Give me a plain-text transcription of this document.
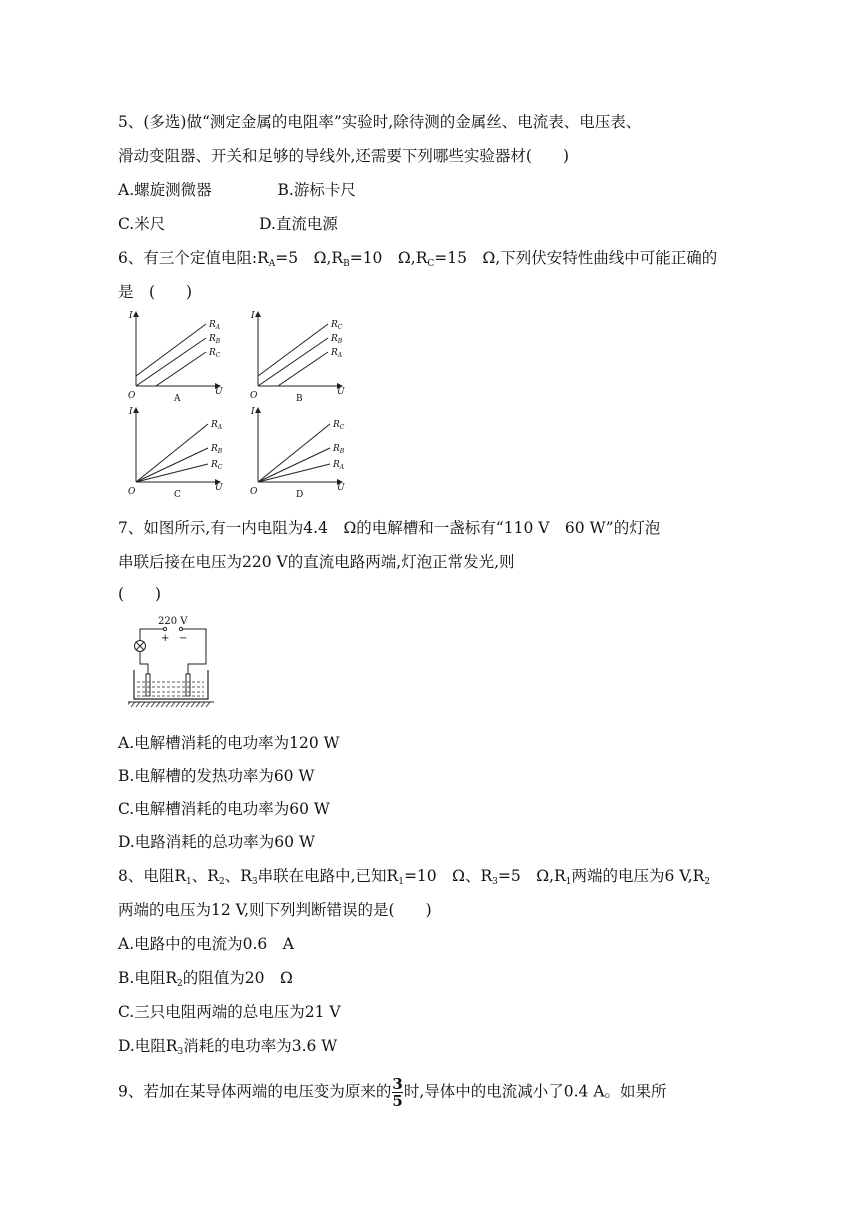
5、(多选)做“测定金属的电阻率”实验时,除待测的金属丝、电流表、电压表、
滑动变阻器、开关和足够的导线外,还需要下列哪些实验器材(　　)
A.螺旋测微器	B.游标卡尺
C.米尺	D.直流电源
6、有三个定值电阻$:R_A=5$　$\Omega,R_B=10$　$\Omega,R_C=15$　Ω,下列伏安特性曲线中可能正确的
是　(　　)
I
U
O	A
$R_A$
$R_B$
$R_C$
I
U
O	B
$R_C$
$R_B$
$R_A$
I
U
O	C
$R_A$
$R_B$
$R_C$
I
U
O	D
$R_C$
$R_B$
$R_A$
7、如图所示,有一内电阻为4.4　Ω的电解槽和一盏标有“110 V　60 W”的灯泡
串联后接在电压为220 V的直流电路两端,灯泡正常发光,则
(　　)
220 V
+ −
A.电解槽消耗的电功率为120 W
B.电解槽的发热功率为60 W
C.电解槽消耗的电功率为60 W
D.电路消耗的总功率为60 W
8、电阻$R_1$、$R_2$、$R_3$串联在电路中,已知$R_1=10$　Ω、$R_3=5$　$\Omega,R_1$两端的电压为6 $V,R_2$
两端的电压为12 V,则下列判断错误的是(　　)
A.电路中的电流为0.6　A
B.电阻$R_2$的阻值为20　Ω
C.三只电阻两端的总电压为21 V
D.电阻$R_3$消耗的电功率为3.6 W
9、若加在某导体两端的电压变为原来的$\frac{3}{5}$时,导体中的电流减小了0.4 A。如果所
